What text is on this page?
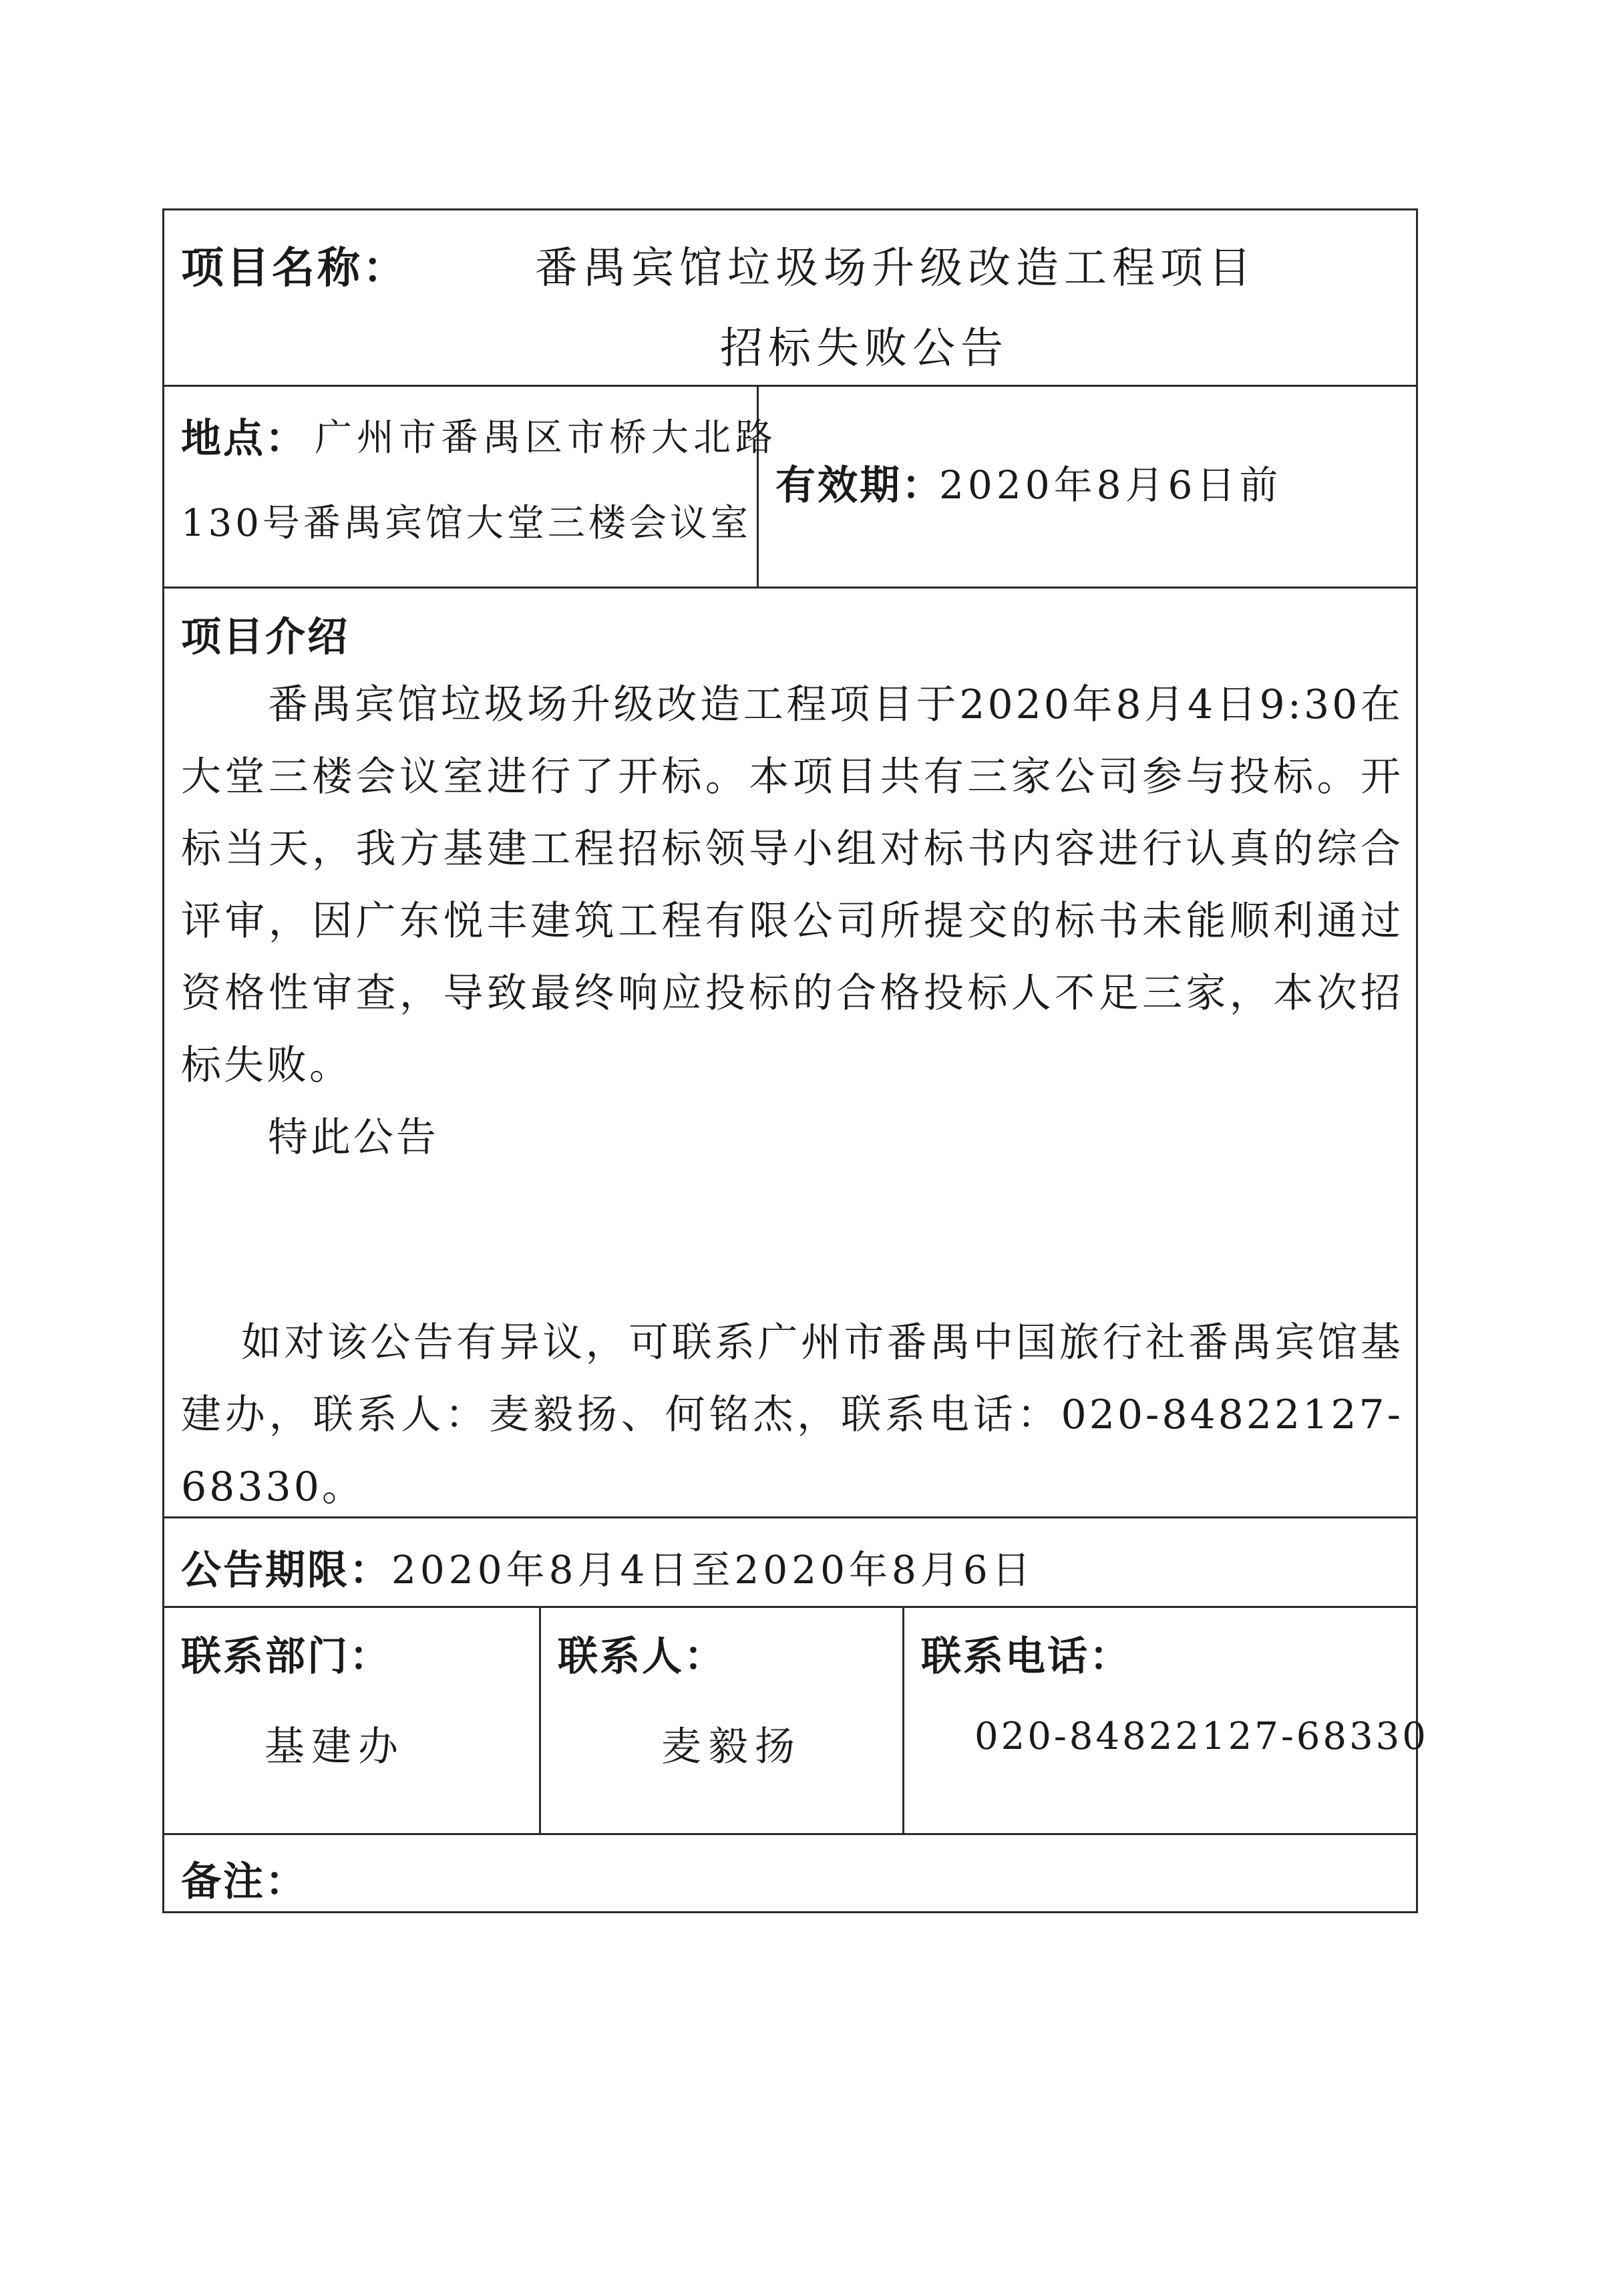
项目名称：	番禺宾馆垃圾场升级改造工程项目
招标失败公告
地点： 广州市番禺区市桥大北路
130号番禺宾馆大堂三楼会议室
有效期：
2020年8月6日前
项目介绍

番禺宾馆垃圾场升级改造工程项目于2020年8月4日9:30在大堂三楼会议室进行了开标。本项目共有三家公司参与投标。开标当天，我方基建工程招标领导小组对标书内容进行认真的综合评审，因广东悦丰建筑工程有限公司所提交的标书未能顺利通过资格性审查，导致最终响应投标的合格投标人不足三家，本次招标失败。

特此公告

如对该公告有异议，可联系广州市番禺中国旅行社番禺宾馆基建办，联系人：麦毅扬、何铭杰，联系电话：020-84822127-68330。

公告期限： 2020年8月4日至2020年8月6日
联系部门：
基建办
联系人：
麦毅扬
联系电话：
020-84822127-68330
备注：
